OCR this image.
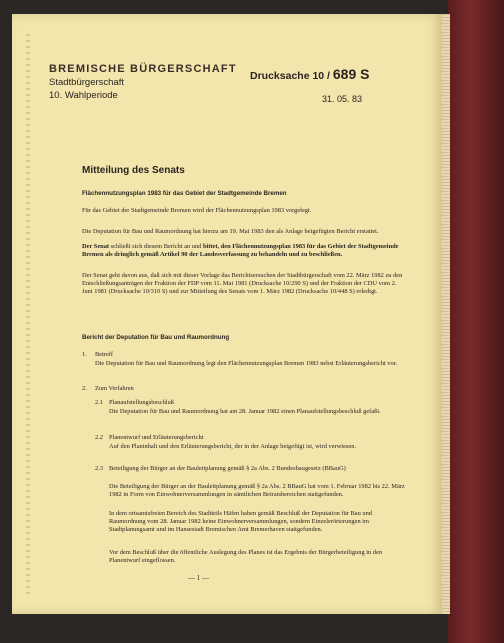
BREMISCHE BÜRGERSCHAFT
Stadtbürgerschaft
10. Wahlperiode
Drucksache 10 / 689 S
31. 05. 83
Mitteilung des Senats
Flächennutzungsplan 1983 für das Gebiet der Stadtgemeinde Bremen
Für das Gebiet der Stadtgemeinde Bremen wird der Flächennutzungsplan 1983 vorgelegt.
Die Deputation für Bau und Raumordnung hat hierzu am 19. Mai 1983 den als Anlage beigefügten Bericht erstattet.
Der Senat schließt sich diesem Bericht an und bittet, den Flächennutzungsplan 1983 für das Gebiet der Stadtgemeinde Bremen als dringlich gemäß Artikel 90 der Landesverfassung zu behandeln und zu beschließen.
Der Senat geht davon aus, daß sich mit dieser Vorlage das Berichtsersuchen der Stadtbürgerschaft vom 22. März 1982 zu den Entschließungsanträgen der Fraktion der FDP vom 11. Mai 1981 (Drucksache 10/290 S) und der Fraktion der CDU vom 2. Juni 1981 (Drucksache 10/310 S) und zur Mitteilung des Senats vom 1. März 1982 (Drucksache 10/448 S) erledigt.
Bericht der Deputation für Bau und Raumordnung
1. Betreff
Die Deputation für Bau und Raumordnung legt den Flächennutzungsplan Bremen 1983 nebst Erläuterungsbericht vor.
2. Zum Verfahren
2.1 Planaufstellungsbeschluß
Die Deputation für Bau und Raumordnung hat am 28. Januar 1982 einen Planaufstellungsbeschluß gefaßt.
2.2 Planentwurf und Erläuterungsbericht
Auf den Planinhalt und den Erläuterungsbericht, der in der Anlage beigefügt ist, wird verwiesen.
2.3 Beteiligung der Bürger an der Bauleitplanung gemäß § 2a Abs. 2 Bundesbaugesetz (BBauG)
Die Beteiligung der Bürger an der Bauleitplanung gemäß § 2a Abs. 2 BBauG hat vom 1. Februar 1982 bis 22. März 1982 in Form von Einwohnerversammlungen in sämtlichen Beiratsbereichen stattgefunden.
In dem ortsamtsfreien Bereich des Stadtteils Häfen haben gemäß Beschluß der Deputation für Bau und Raumordnung vom 28. Januar 1982 keine Einwohnerversammlungen, sondern Einzelerörterungen im Stadtplanungsamt und im Hansestadt Bremischen Amt Bremerhaven stattgefunden.
Vor dem Beschluß über die öffentliche Auslegung des Planes ist das Ergebnis der Bürgerbeteiligung in den Planentwurf eingeflossen.
— 1 —
